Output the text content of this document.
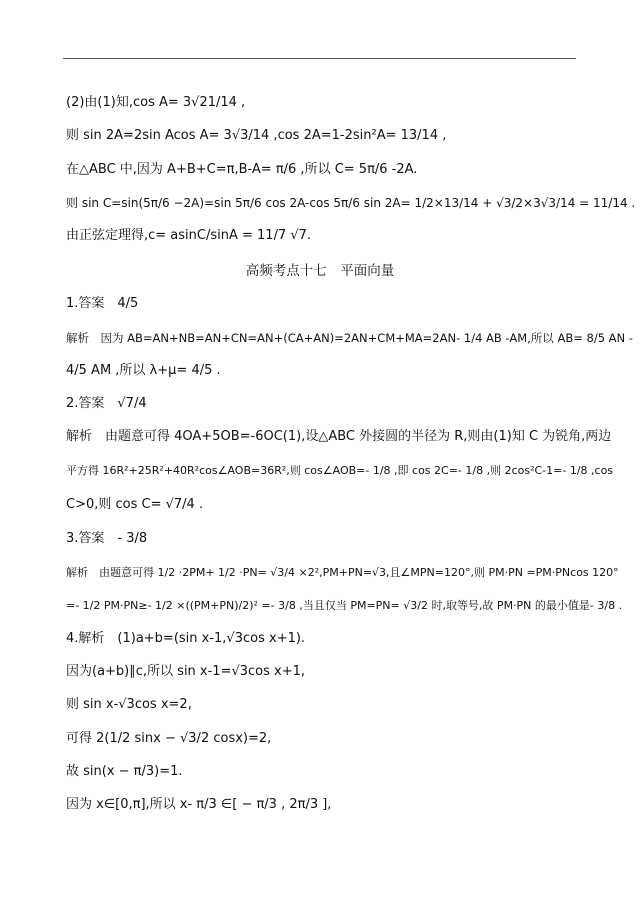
高频考点十七　平面向量
(2)由(1)知,cos A= 3√21/14 ,
则 sin 2A=2sin Acos A= 3√3/14 ,cos 2A=1-2sin²A= 13/14 ,
在△ABC 中,因为 A+B+C=π,B-A= π/6 ,所以 C= 5π/6 -2A.
则 sin C=sin(5π/6 −2A)=sin 5π/6 cos 2A-cos 5π/6 sin 2A= 1/2×13/14 + √3/2×3√3/14 = 11/14 .
由正弦定理得,c= asinC/sinA = 11/7 √7.
1.答案　4/5
解析　因为 AB=AN+NB=AN+CN=AN+(CA+AN)=2AN+CM+MA=2AN- 1/4 AB -AM,所以 AB= 8/5 AN -
4/5 AM ,所以 λ+μ= 4/5 .
2.答案　√7/4
解析　由题意可得 4OA+5OB=-6OC(1),设△ABC 外接圆的半径为 R,则由(1)知 C 为锐角,两边
平方得 16R²+25R²+40R²cos∠AOB=36R²,则 cos∠AOB=- 1/8 ,即 cos 2C=- 1/8 ,则 2cos²C-1=- 1/8 ,cos
C>0,则 cos C= √7/4 .
3.答案　- 3/8
解析　由题意可得 1/2 ·2PM+ 1/2 ·PN= √3/4 ×2²,PM+PN=√3,且∠MPN=120°,则 PM·PN =PM·PNcos 120°
=- 1/2 PM·PN≥- 1/2 ×((PM+PN)/2)² =- 3/8 ,当且仅当 PM=PN= √3/2 时,取等号,故 PM·PN 的最小值是- 3/8 .
4.解析　(1)a+b=(sin x-1,√3cos x+1).
因为(a+b)∥c,所以 sin x-1=√3cos x+1,
则 sin x-√3cos x=2,
可得 2(1/2 sinx − √3/2 cosx)=2,
故 sin(x − π/3)=1.
因为 x∈[0,π],所以 x- π/3 ∈[ − π/3 , 2π/3 ],
